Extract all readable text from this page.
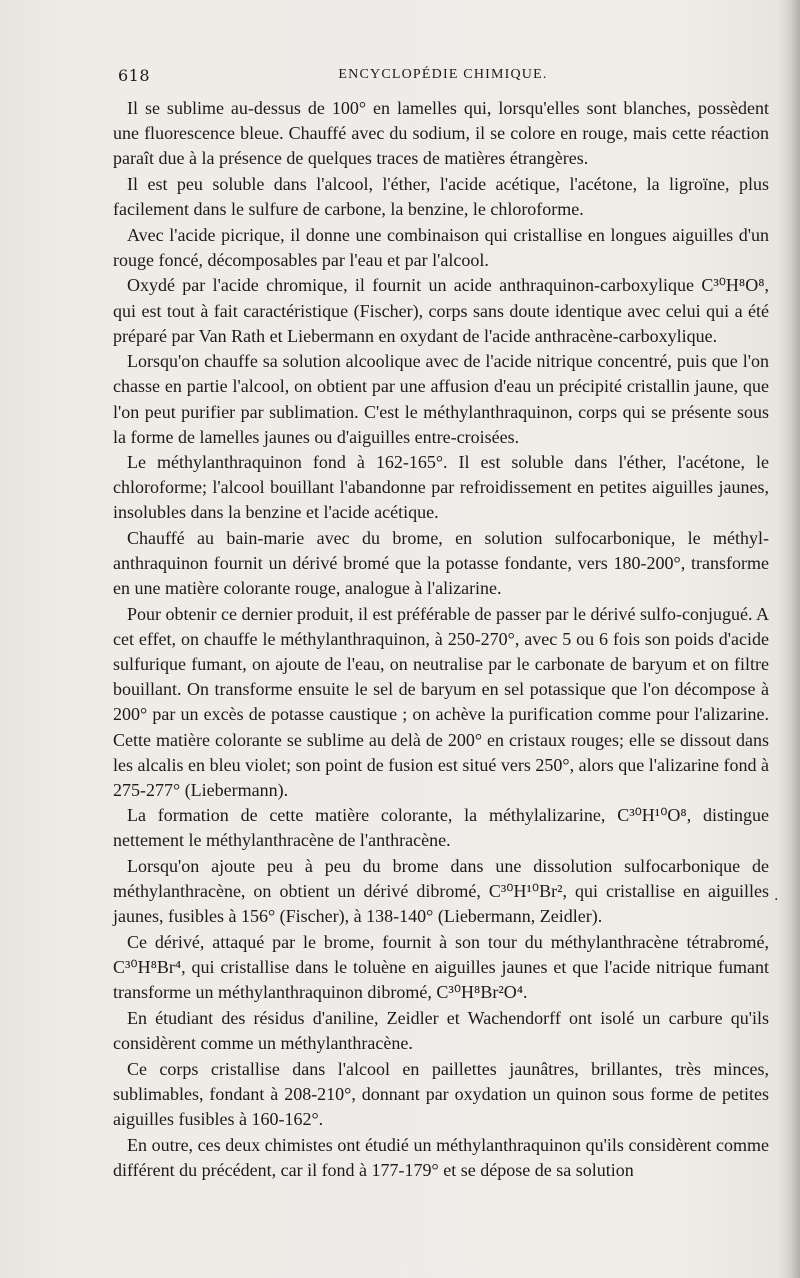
618	ENCYCLOPÉDIE CHIMIQUE.

Il se sublime au-dessus de 100° en lamelles qui, lorsqu'elles sont blanches, possèdent une fluorescence bleue. Chauffé avec du sodium, il se colore en rouge, mais cette réaction paraît due à la présence de quelques traces de matières étrangères.

Il est peu soluble dans l'alcool, l'éther, l'acide acétique, l'acétone, la ligroïne, plus facilement dans le sulfure de carbone, la benzine, le chloroforme.

Avec l'acide picrique, il donne une combinaison qui cristallise en longues aiguilles d'un rouge foncé, décomposables par l'eau et par l'alcool.

Oxydé par l'acide chromique, il fournit un acide anthraquinon-carboxylique C³⁰H⁸O⁸, qui est tout à fait caractéristique (Fischer), corps sans doute identique avec celui qui a été préparé par Van Rath et Liebermann en oxydant de l'acide anthracène-carboxylique.

Lorsqu'on chauffe sa solution alcoolique avec de l'acide nitrique concentré, puis que l'on chasse en partie l'alcool, on obtient par une affusion d'eau un précipité cristallin jaune, que l'on peut purifier par sublimation. C'est le méthylanthraquinon, corps qui se présente sous la forme de lamelles jaunes ou d'aiguilles entre-croisées.

Le méthylanthraquinon fond à 162-165°. Il est soluble dans l'éther, l'acétone, le chloroforme; l'alcool bouillant l'abandonne par refroidissement en petites aiguilles jaunes, insolubles dans la benzine et l'acide acétique.

Chauffé au bain-marie avec du brome, en solution sulfocarbonique, le méthyl-anthraquinon fournit un dérivé bromé que la potasse fondante, vers 180-200°, transforme en une matière colorante rouge, analogue à l'alizarine.

Pour obtenir ce dernier produit, il est préférable de passer par le dérivé sulfo-conjugué. A cet effet, on chauffe le méthylanthraquinon, à 250-270°, avec 5 ou 6 fois son poids d'acide sulfurique fumant, on ajoute de l'eau, on neutralise par le carbonate de baryum et on filtre bouillant. On transforme ensuite le sel de baryum en sel potassique que l'on décompose à 200° par un excès de potasse caustique ; on achève la purification comme pour l'alizarine. Cette matière colorante se sublime au delà de 200° en cristaux rouges; elle se dissout dans les alcalis en bleu violet; son point de fusion est situé vers 250°, alors que l'alizarine fond à 275-277° (Liebermann).

La formation de cette matière colorante, la méthylalizarine, C³⁰H¹⁰O⁸, distingue nettement le méthylanthracène de l'anthracène.

Lorsqu'on ajoute peu à peu du brome dans une dissolution sulfocarbonique de méthylanthracène, on obtient un dérivé dibromé, C³⁰H¹⁰Br², qui cristallise en aiguilles jaunes, fusibles à 156° (Fischer), à 138-140° (Liebermann, Zeidler).

Ce dérivé, attaqué par le brome, fournit à son tour du méthylanthracène tétrabromé, C³⁰H⁸Br⁴, qui cristallise dans le toluène en aiguilles jaunes et que l'acide nitrique fumant transforme un méthylanthraquinon dibromé, C³⁰H⁸Br²O⁴.

En étudiant des résidus d'aniline, Zeidler et Wachendorff ont isolé un carbure qu'ils considèrent comme un méthylanthracène.

Ce corps cristallise dans l'alcool en paillettes jaunâtres, brillantes, très minces, sublimables, fondant à 208-210°, donnant par oxydation un quinon sous forme de petites aiguilles fusibles à 160-162°.

En outre, ces deux chimistes ont étudié un méthylanthraquinon qu'ils considèrent comme différent du précédent, car il fond à 177-179° et se dépose de sa solution

.
